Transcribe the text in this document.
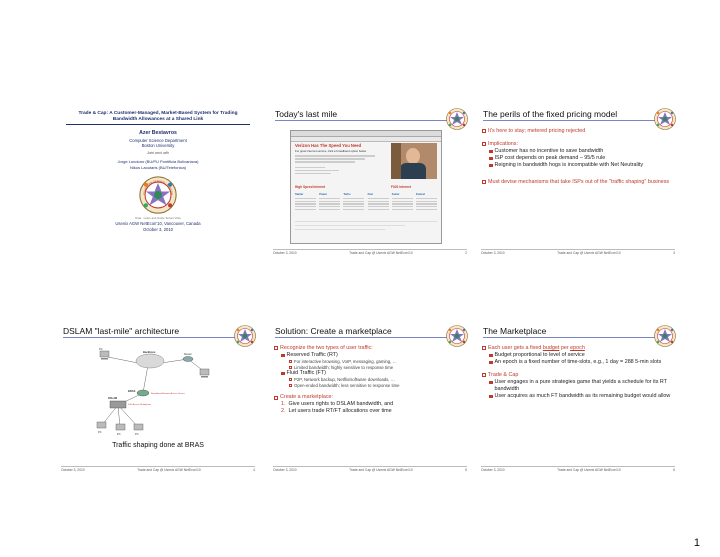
Trade & Cap: A Customer-Managed, Market-Based System for Trading Bandwidth Allowances at a Shared Link
Azer Bestavros
Computer Science Department
Boston University
Joint work with
Jorge Londono (BU/PU Pontificia Bolivariana)
Nikos Laoutaris (BU/Telefonica)
COMPUTER SCIENCE · BOSTON
Data · Learn and Guide Terrain Vista
Usenix AGW NetEcon'10, Vancouver, Canada
October 3, 2010
Today's last mile
Verizon Has The Speed You Need
For great Internet service, click a broadband option below
High Speed Internet	FiOS Internet
Starter	Power	Turbo	Fast	Faster	Fastest
October 3, 2010	Trade and Cap @ Usenix AGW NetEcon'10	2
The perils of the fixed pricing model
It's here to stay; metered pricing rejected
Implications:
Customer has no incentive to save bandwidth
ISP cost depends on peak demand – 95/5 rule
Reigning in bandwidth hogs is incompatible with Net Neutrality
Must devise mechanisms that take ISPs out of the "traffic shaping" business
October 3, 2010	Trade and Cap @ Usenix AGW NetEcon'10	3
DSLAM "last-mile" architecture
PC
Backbone
Router
BRAS
Broadband Remote Access Server
DSLAM
DSL Access Multiplexer
PC
PC	PC
Traffic shaping done at BRAS
October 3, 2010	Trade and Cap @ Usenix AGW NetEcon'10	4
Solution: Create a marketplace
Recognize the two types of user traffic:
Reserved Traffic (RT)
For interactive browsing, VoIP, messaging, gaming, …
Limited bandwidth; highly sensitive to response time
Fluid Traffic (FT)
P2P, Network backup, Netflix/software downloads, …
Open-ended bandwidth; less sensitive to response time
Create a marketplace:
1. Give users rights to DSLAM bandwidth, and
2. Let users trade RT/FT allocations over time
October 3, 2010	Trade and Cap @ Usenix AGW NetEcon'10	5
The Marketplace
Each user gets a fixed budget per epoch
Budget proportional to level of service
An epoch is a fixed number of time-slots, e.g., 1 day = 288 5-min slots
Trade & Cap
User engages in a pure strategies game that yields a schedule for its RT bandwidth
User acquires as much FT bandwidth as its remaining budget would allow
October 3, 2010	Trade and Cap @ Usenix AGW NetEcon'10	6
1
